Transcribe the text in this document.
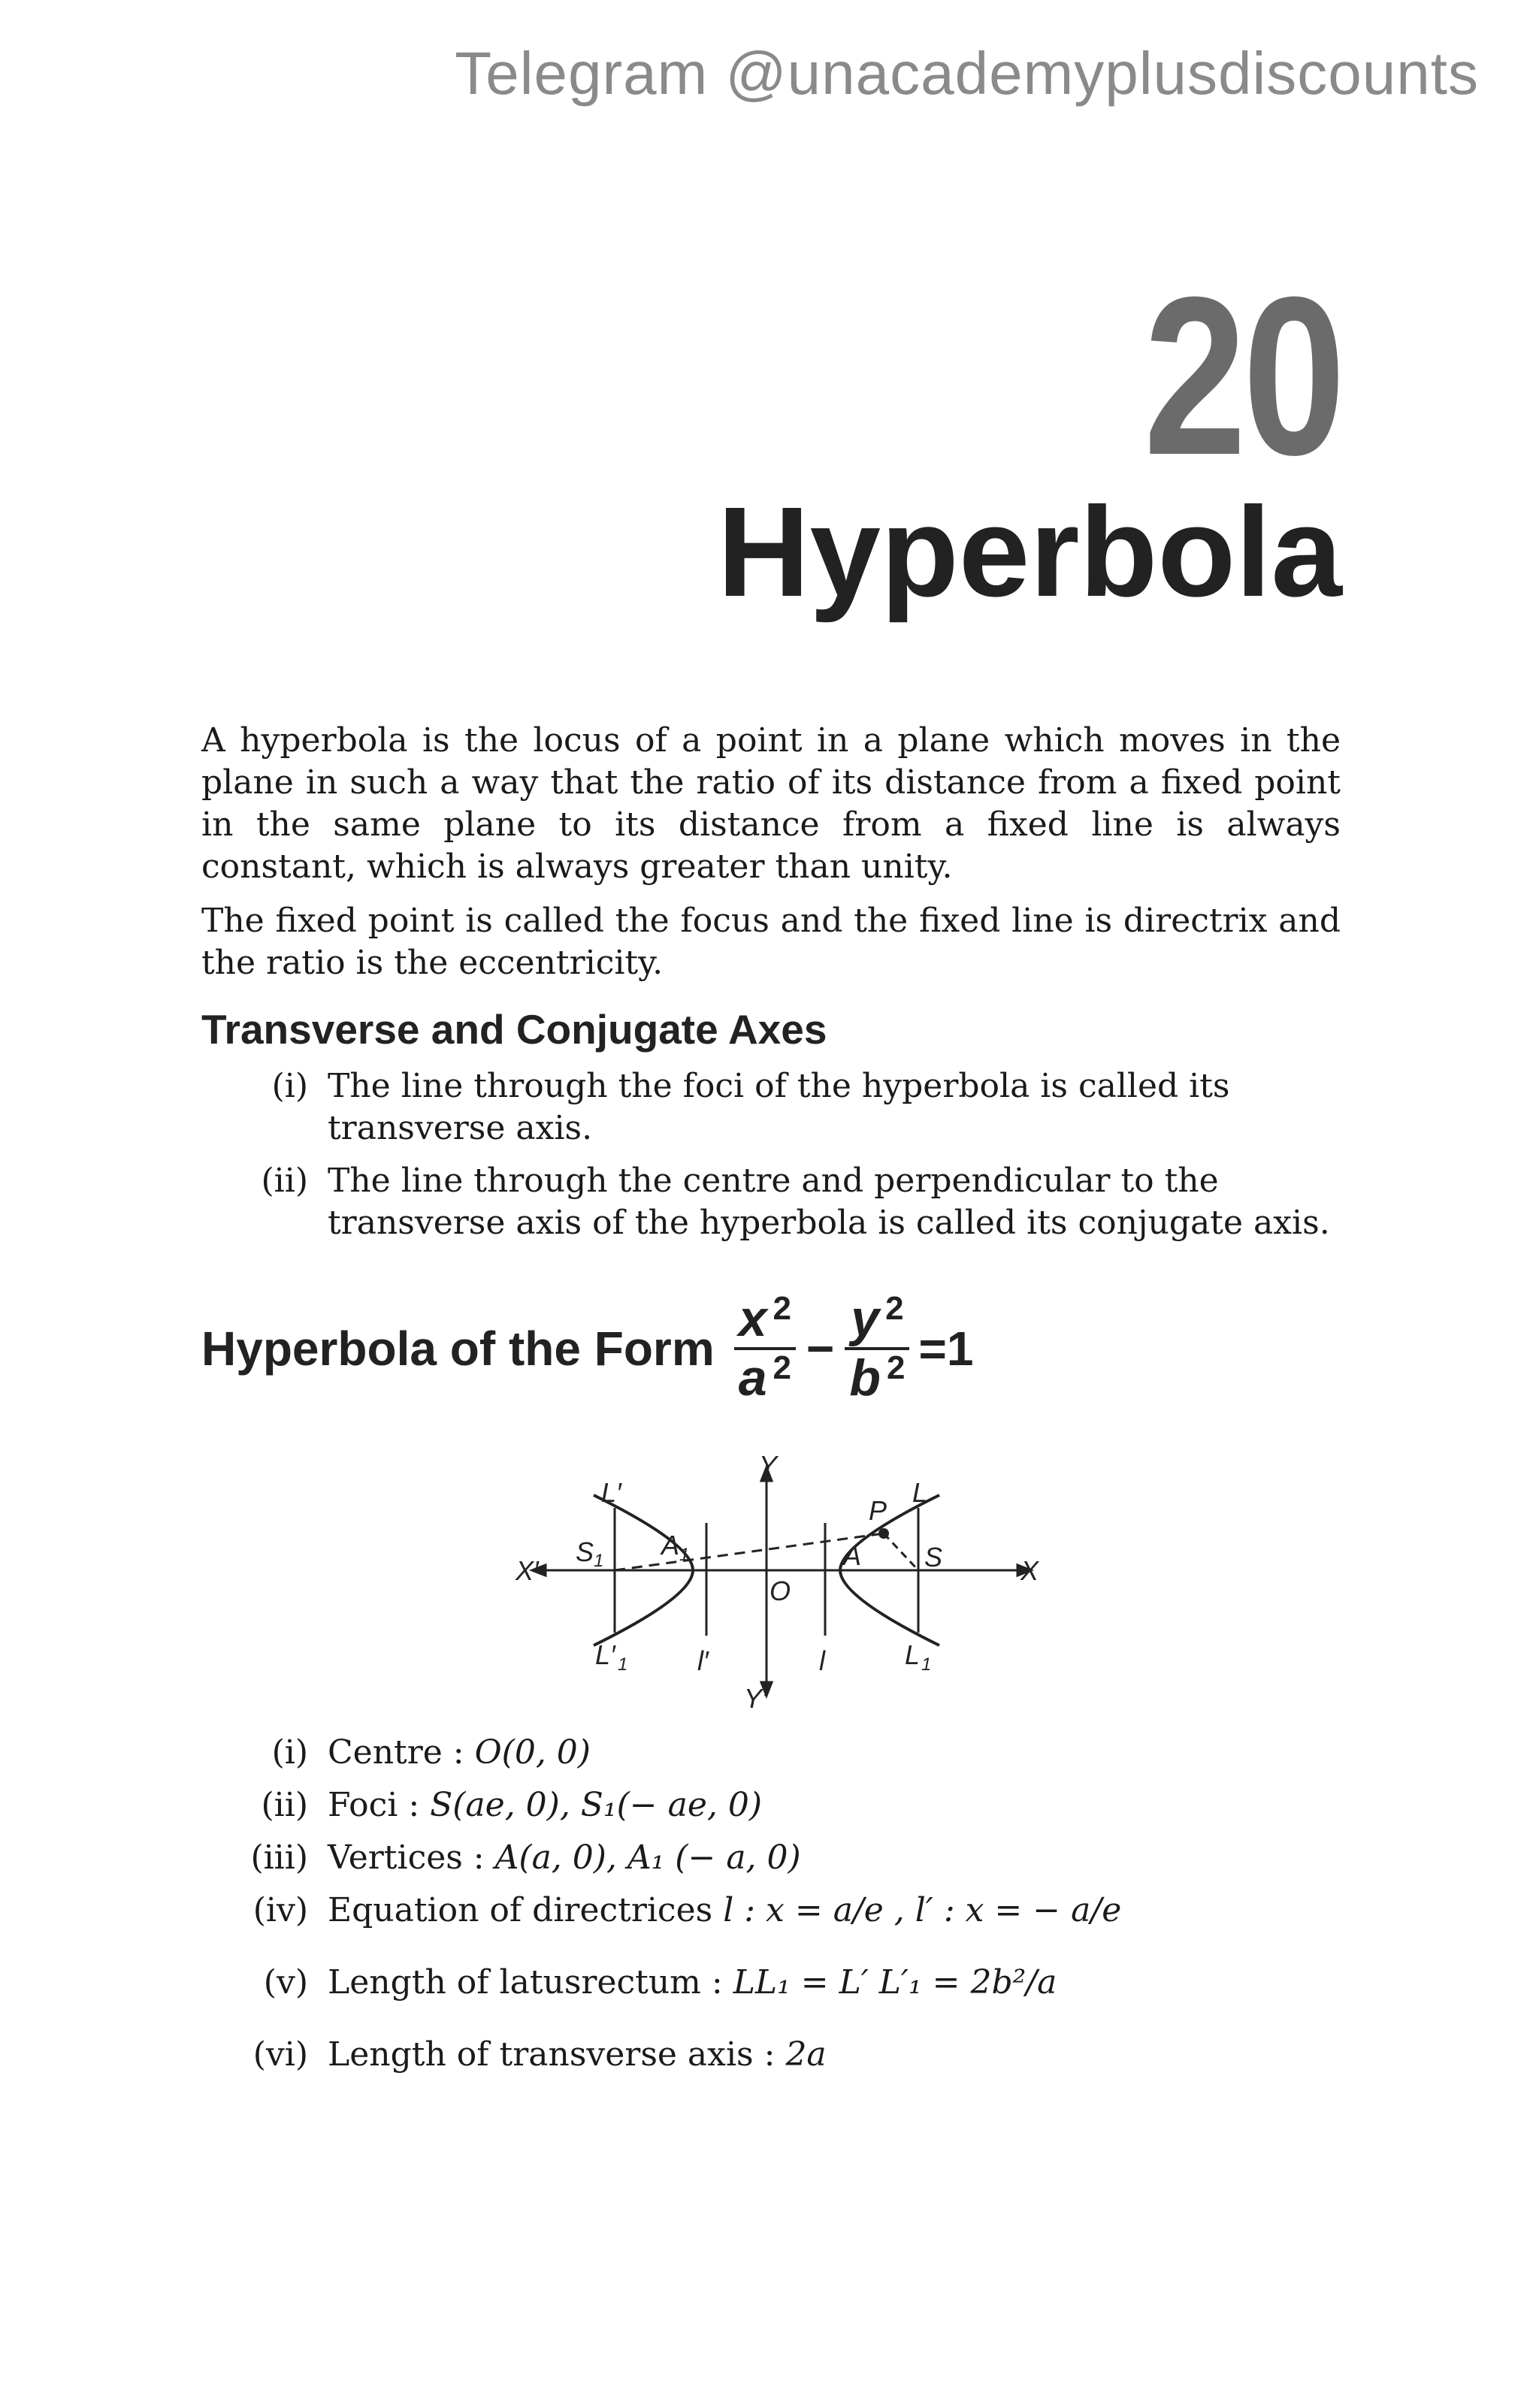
Telegram @unacademyplusdiscounts
20
Hyperbola

A hyperbola is the locus of a point in a plane which moves in the plane in such a way that the ratio of its distance from a fixed point in the same plane to its distance from a fixed line is always constant, which is always greater than unity.

The fixed point is called the focus and the fixed line is directrix and the ratio is the eccentricity.

Transverse and Conjugate Axes
(i) The line through the foci of the hyperbola is called its transverse axis.
(ii) The line through the centre and perpendicular to the transverse axis of the hyperbola is called its conjugate axis.
Hyperbola of the Form $\frac{x ^2}{a ^2} - \frac{y ^2}{b ^2} =1$
Y
Y′
X
X′
O
S
S 1	A
A 1
P
L
L′
L 1
L′ 1	l
l′
(i) Centre : O(0, 0)
(ii) Foci : S(ae, 0), S₁(− ae, 0)
(iii) Vertices : A(a, 0), A₁ (− a, 0)
(iv) Equation of directrices l : x = a/e , l′ : x = − a/e
(v) Length of latusrectum : LL₁ = L′ L′₁ = 2b²/a
(vi) Length of transverse axis : 2a
